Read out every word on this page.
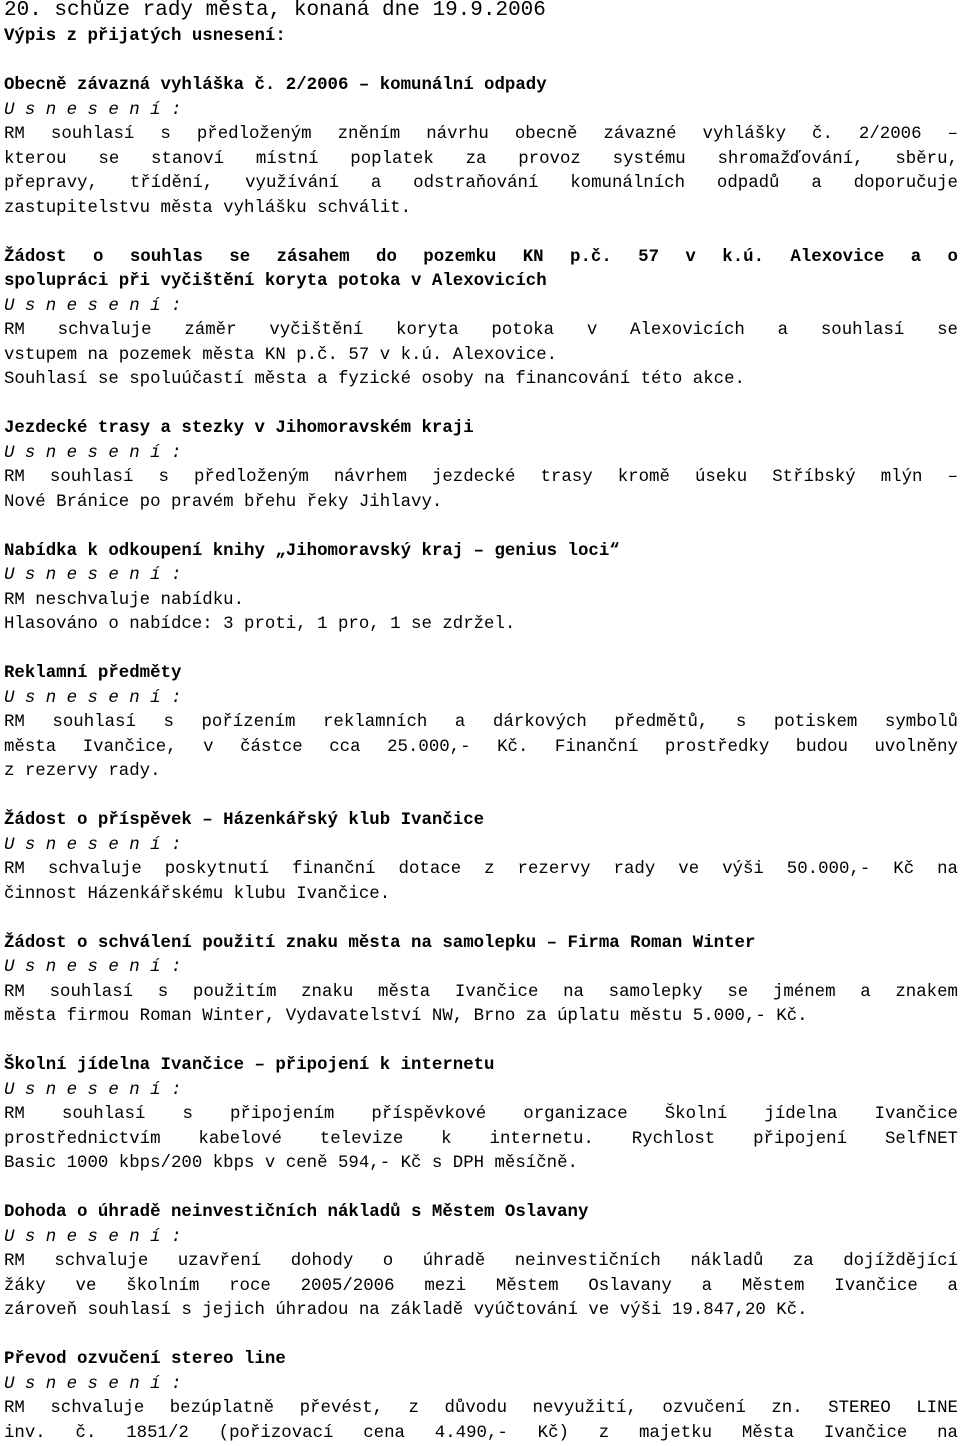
20. schůze rady města, konaná dne 19.9.2006
Výpis z přijatých usnesení:
Obecně závazná vyhláška č. 2/2006 – komunální odpady
U s n e s e n í :
RM souhlasí s předloženým zněním návrhu obecně závazné vyhlášky č. 2/2006 –
kterou se stanoví místní poplatek za provoz systému shromažďování, sběru,
přepravy, třídění, využívání a odstraňování komunálních odpadů a doporučuje
zastupitelstvu města vyhlášku schválit.
Žádost o souhlas se zásahem do pozemku KN p.č. 57 v k.ú. Alexovice a o
spolupráci při vyčištění koryta potoka v Alexovicích
U s n e s e n í :
RM schvaluje záměr vyčištění koryta potoka v Alexovicích a souhlasí se
vstupem na pozemek města KN p.č. 57 v k.ú. Alexovice.
Souhlasí se spoluúčastí města a fyzické osoby na financování této akce.
Jezdecké trasy a stezky v Jihomoravském kraji
U s n e s e n í :
RM souhlasí s předloženým návrhem jezdecké trasy kromě úseku Stříbský mlýn –
Nové Bránice po pravém břehu řeky Jihlavy.
Nabídka k odkoupení knihy „Jihomoravský kraj – genius loci“
U s n e s e n í :
RM neschvaluje nabídku.
Hlasováno o nabídce: 3 proti, 1 pro, 1 se zdržel.
Reklamní předměty
U s n e s e n í :
RM souhlasí s pořízením reklamních a dárkových předmětů, s potiskem symbolů
města Ivančice, v částce cca 25.000,- Kč. Finanční prostředky budou uvolněny
z rezervy rady.
Žádost o příspěvek – Házenkářský klub Ivančice
U s n e s e n í :
RM schvaluje poskytnutí finanční dotace z rezervy rady ve výši 50.000,- Kč na
činnost Házenkářskému klubu Ivančice.
Žádost o schválení použití znaku města na samolepku – Firma Roman Winter
U s n e s e n í :
RM souhlasí s použitím znaku města Ivančice na samolepky se jménem a znakem
města firmou Roman Winter, Vydavatelství NW, Brno za úplatu městu 5.000,- Kč.
Školní jídelna Ivančice – připojení k internetu
U s n e s e n í :
RM souhlasí s připojením příspěvkové organizace Školní jídelna Ivančice
prostřednictvím kabelové televize k internetu. Rychlost připojení SelfNET
Basic 1000 kbps/200 kbps v ceně 594,- Kč s DPH měsíčně.
Dohoda o úhradě neinvestičních nákladů s Městem Oslavany
U s n e s e n í :
RM schvaluje uzavření dohody o úhradě neinvestičních nákladů za dojíždějící
žáky ve školním roce 2005/2006 mezi Městem Oslavany a Městem Ivančice a
zároveň souhlasí s jejich úhradou na základě vyúčtování ve výši 19.847,20 Kč.
Převod ozvučení stereo line
U s n e s e n í :
RM schvaluje bezúplatně převést, z důvodu nevyužití, ozvučení zn. STEREO LINE
inv. č. 1851/2 (pořizovací cena 4.490,- Kč) z majetku Města Ivančice na
